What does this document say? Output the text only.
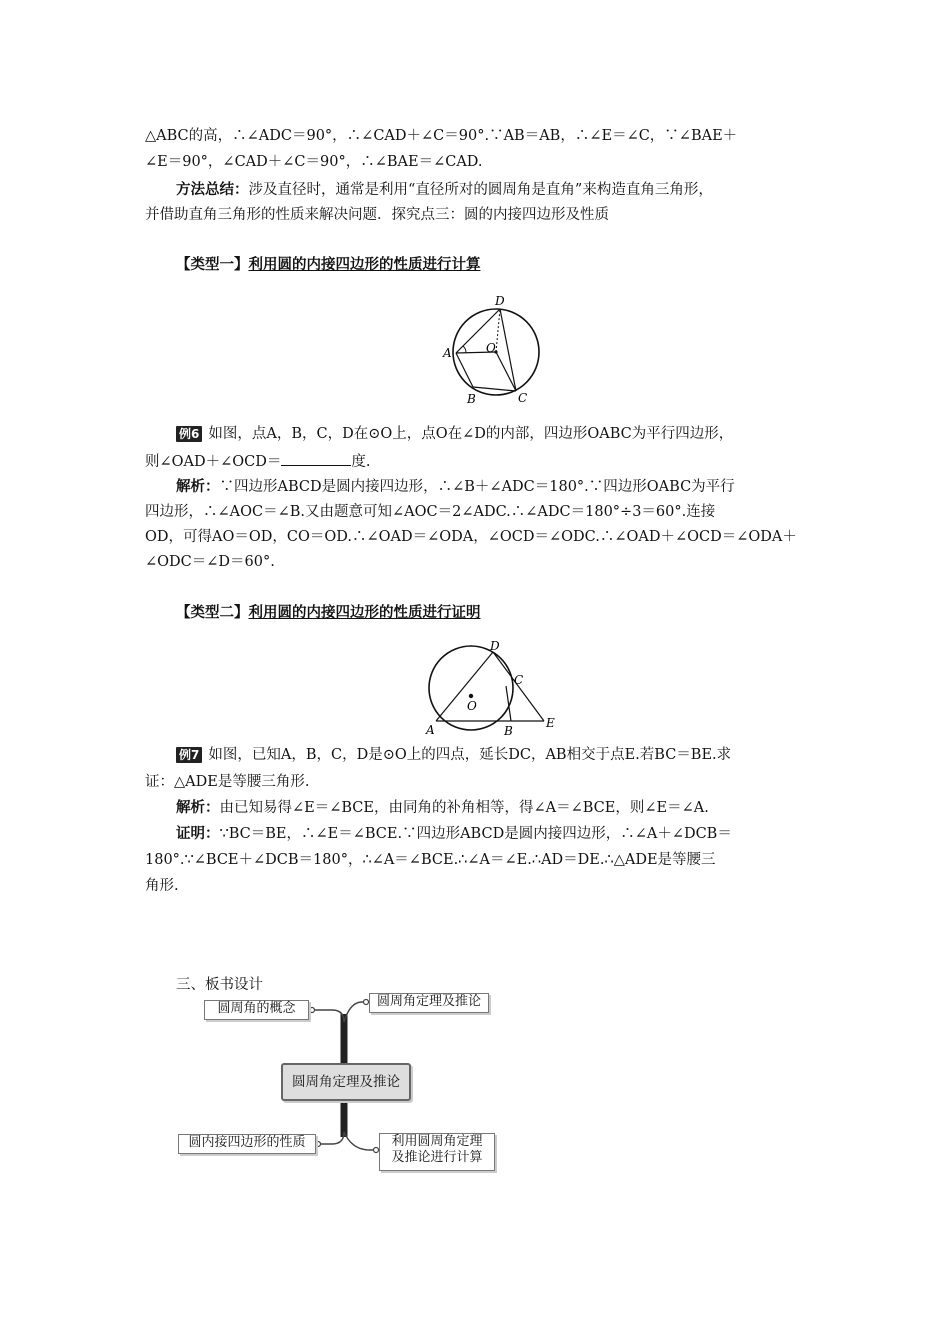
△ABC的高，∴∠ADC＝90°，∴∠CAD＋∠C＝90°.∵AB＝AB，∴∠E＝∠C，∵∠BAE＋
∠E＝90°，∠CAD＋∠C＝90°，∴∠BAE＝∠CAD.
方法总结：涉及直径时，通常是利用“直径所对的圆周角是直角”来构造直角三角形，
并借助直角三角形的性质来解决问题．探究点三：圆的内接四边形及性质
【类型一】利用圆的内接四边形的性质进行计算
D
A	O
B	C
例6 如图，点A，B，C，D在⊙O上，点O在∠D的内部，四边形OABC为平行四边形，
则∠OAD＋∠OCD＝	度.
解析：∵四边形ABCD是圆内接四边形，∴∠B＋∠ADC＝180°.∵四边形OABC为平行
四边形，∴∠AOC＝∠B.又由题意可知∠AOC＝2∠ADC.∴∠ADC＝180°÷3＝60°.连接
OD，可得AO＝OD，CO＝OD.∴∠OAD＝∠ODA，∠OCD＝∠ODC.∴∠OAD＋∠OCD＝∠ODA＋
∠ODC＝∠D＝60°.
【类型二】利用圆的内接四边形的性质进行证明
D
C
O
A	B
E
例7 如图，已知A，B，C，D是⊙O上的四点，延长DC，AB相交于点E.若BC＝BE.求
证：△ADE是等腰三角形.
解析：由已知易得∠E＝∠BCE，由同角的补角相等，得∠A＝∠BCE，则∠E＝∠A.
证明：∵BC＝BE，∴∠E＝∠BCE.∵四边形ABCD是圆内接四边形，∴∠A＋∠DCB＝
180°.∵∠BCE＋∠DCB＝180°，∴∠A＝∠BCE.∴∠A＝∠E.∴AD＝DE.∴△ADE是等腰三
角形.
三、板书设计
圆周角的概念	圆周角定理及推论
圆周角定理及推论
圆内接四边形的性质	利用圆周角定理
及推论进行计算
